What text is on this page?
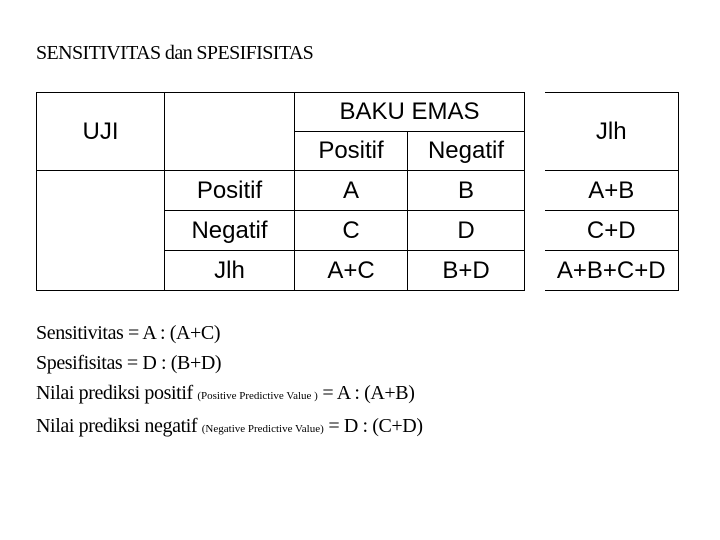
SENSITIVITAS dan SPESIFISITAS
UJI		BAKU EMAS			Jlh
		Positif	Negatif		
	Positif	A	B		A+B
	Negatif	C	D		C+D
	Jlh	A+C	B+D		A+B+C+D
Sensitivitas = A : (A+C)
Spesifisitas = D : (B+D)
Nilai prediksi positif (Positive Predictive Value ) = A : (A+B)
Nilai prediksi negatif (Negative Predictive Value) = D : (C+D)
